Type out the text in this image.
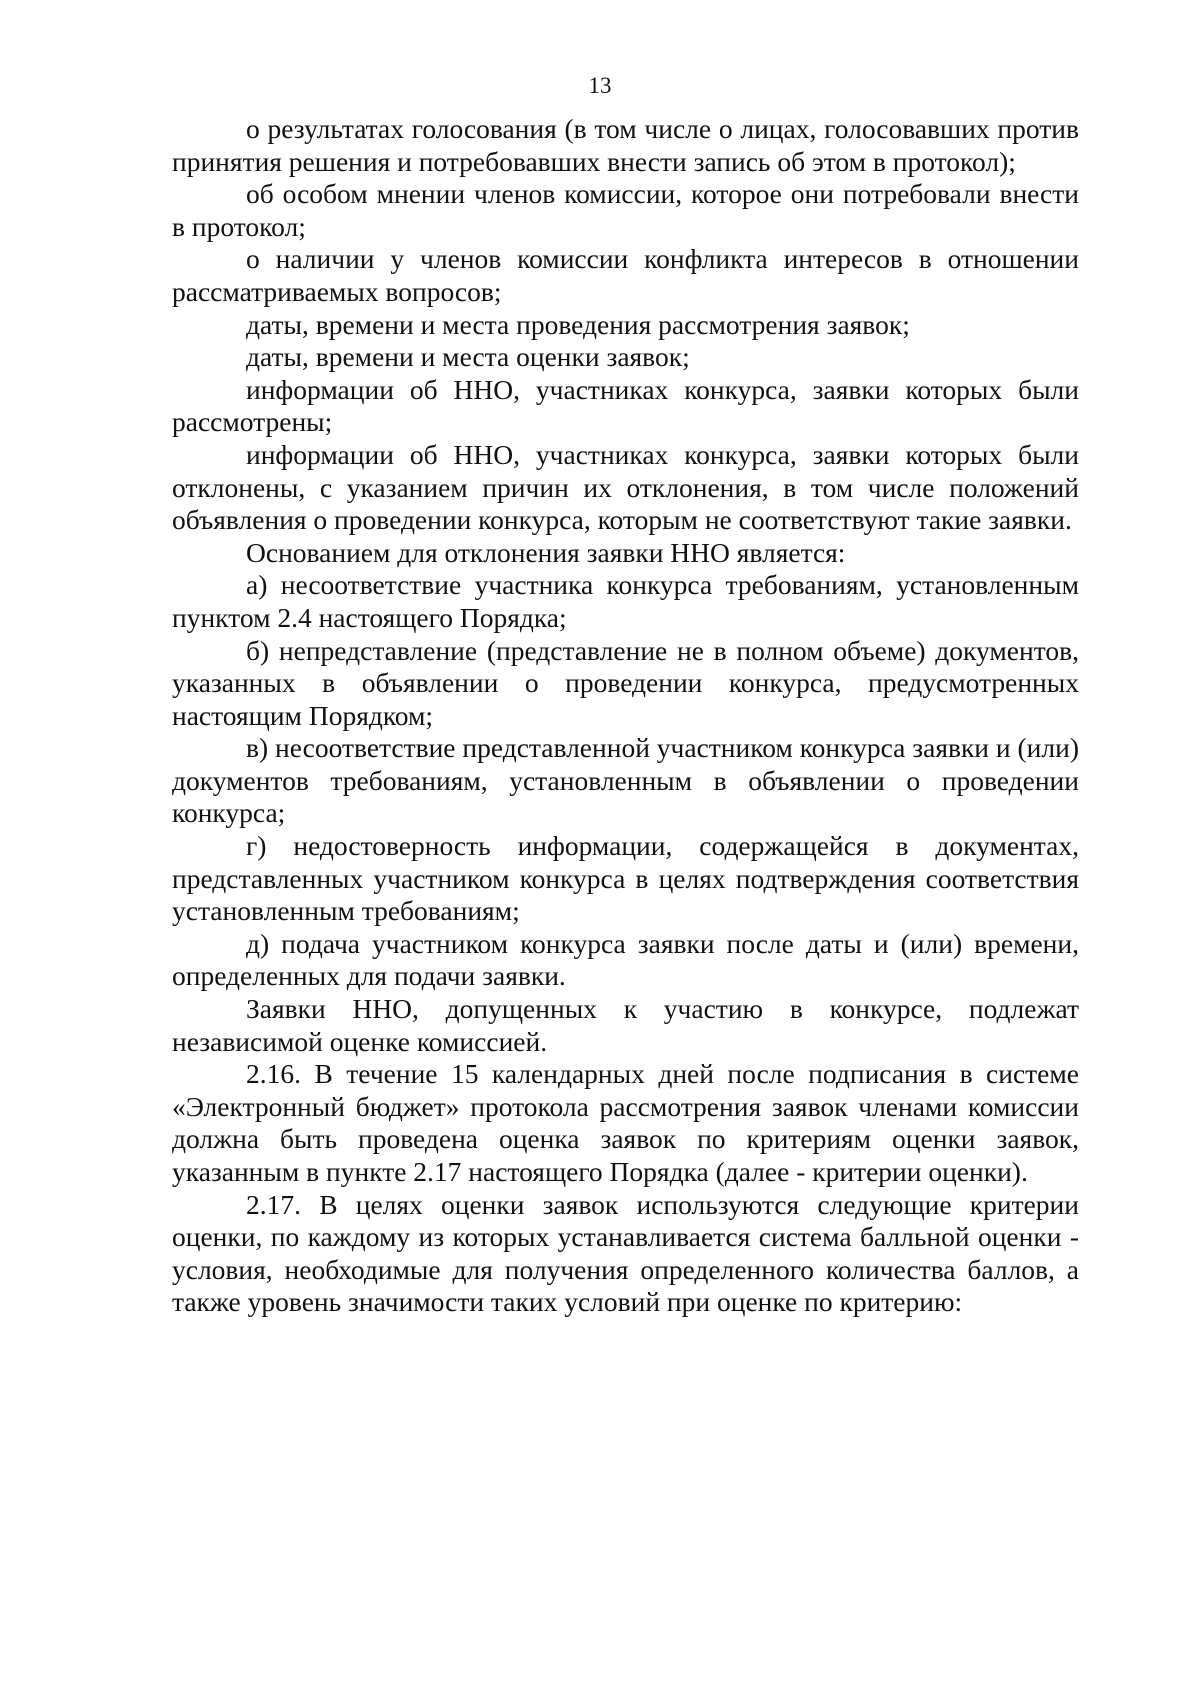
13

о результатах голосования (в том числе о лицах, голосовавших против принятия решения и потребовавших внести запись об этом в протокол);

об особом мнении членов комиссии, которое они потребовали внести в протокол;

о наличии у членов комиссии конфликта интересов в отношении рассматриваемых вопросов;

даты, времени и места проведения рассмотрения заявок;

даты, времени и места оценки заявок;

информации об ННО, участниках конкурса, заявки которых были рассмотрены;

информации об ННО, участниках конкурса, заявки которых были отклонены, с указанием причин их отклонения, в том числе положений объявления о проведении конкурса, которым не соответствуют такие заявки.

Основанием для отклонения заявки ННО является:

а) несоответствие участника конкурса требованиям, установленным пунктом 2.4 настоящего Порядка;

б) непредставление (представление не в полном объеме) документов, указанных в объявлении о проведении конкурса, предусмотренных настоящим Порядком;

в) несоответствие представленной участником конкурса заявки и (или) документов требованиям, установленным в объявлении о проведении конкурса;

г) недостоверность информации, содержащейся в документах, представленных участником конкурса в целях подтверждения соответствия установленным требованиям;

д) подача участником конкурса заявки после даты и (или) времени, определенных для подачи заявки.

Заявки ННО, допущенных к участию в конкурсе, подлежат независимой оценке комиссией.

2.16. В течение 15 календарных дней после подписания в системе «Электронный бюджет» протокола рассмотрения заявок членами комиссии должна быть проведена оценка заявок по критериям оценки заявок, указанным в пункте 2.17 настоящего Порядка (далее - критерии оценки).

2.17. В целях оценки заявок используются следующие критерии оценки, по каждому из которых устанавливается система балльной оценки - условия, необходимые для получения определенного количества баллов, а также уровень значимости таких условий при оценке по критерию:
